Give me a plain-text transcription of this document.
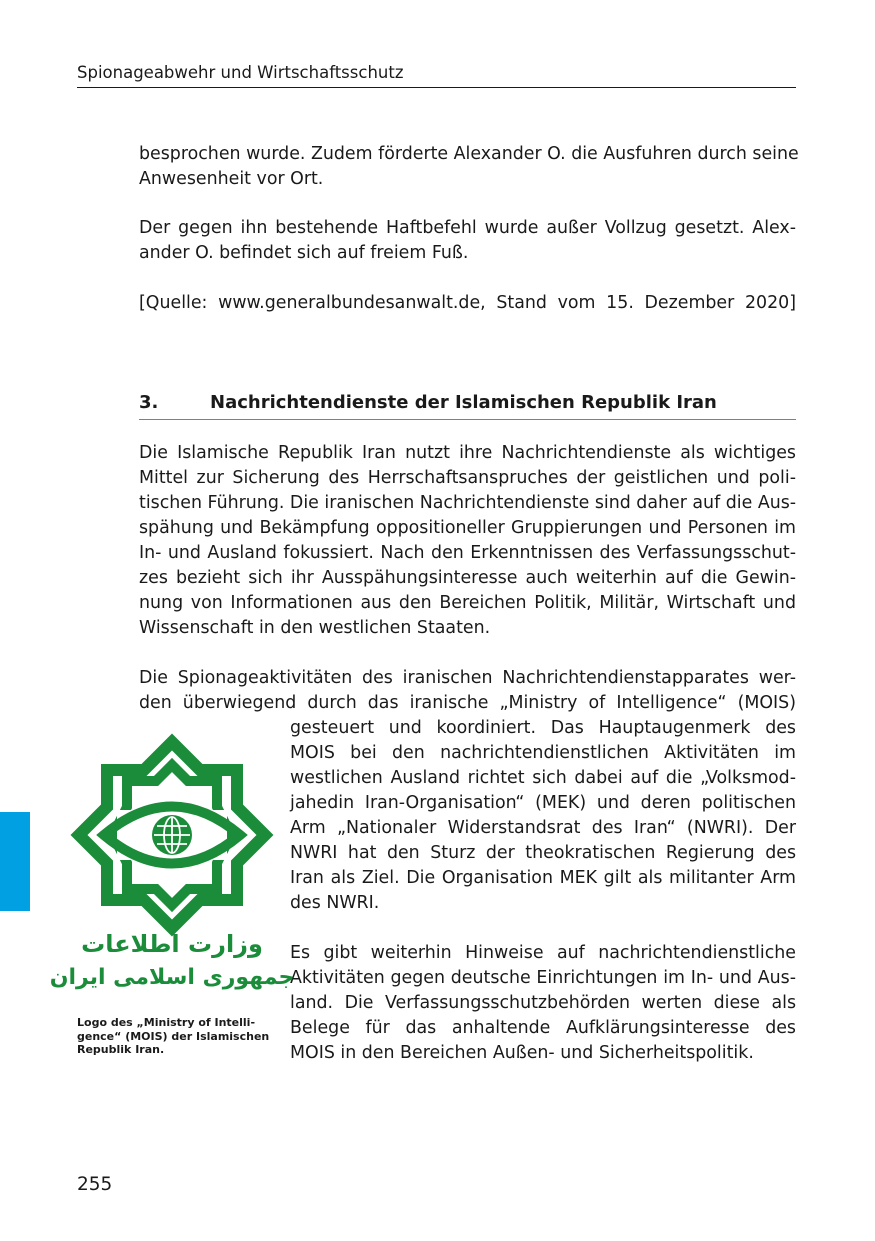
Spionageabwehr und Wirtschaftsschutz

besprochen wurde. Zudem förderte Alexander O. die Ausfuhren durch seine
Anwesenheit vor Ort.

Der gegen ihn bestehende Haftbefehl wurde außer Vollzug gesetzt. Alex-
ander O. befindet sich auf freiem Fuß.

[Quelle: www.generalbundesanwalt.de, Stand vom 15. Dezember 2020]

3.	Nachrichtendienste der Islamischen Republik Iran

Die Islamische Republik Iran nutzt ihre Nachrichtendienste als wichtiges
Mittel zur Sicherung des Herrschaftsanspruches der geistlichen und poli-
tischen Führung. Die iranischen Nachrichtendienste sind daher auf die Aus-
spähung und Bekämpfung oppositioneller Gruppierungen und Personen im
In- und Ausland fokussiert. Nach den Erkenntnissen des Verfassungsschut-
zes bezieht sich ihr Ausspähungsinteresse auch weiterhin auf die Gewin-
nung von Informationen aus den Bereichen Politik, Militär, Wirtschaft und
Wissenschaft in den westlichen Staaten.

Die Spionageaktivitäten des iranischen Nachrichtendienstapparates wer-
den überwiegend durch das iranische „Ministry of Intelligence“ (MOIS)

gesteuert und koordiniert. Das Hauptaugenmerk des
MOIS bei den nachrichtendienstlichen Aktivitäten im
westlichen Ausland richtet sich dabei auf die „Volksmod-
jahedin Iran-Organisation“ (MEK) und deren politischen
Arm „Nationaler Widerstandsrat des Iran“ (NWRI). Der
NWRI hat den Sturz der theokratischen Regierung des
Iran als Ziel. Die Organisation MEK gilt als militanter Arm
des NWRI.

Es gibt weiterhin Hinweise auf nachrichtendienstliche
Aktivitäten gegen deutsche Einrichtungen im In- und Aus-
land. Die Verfassungsschutzbehörden werten diese als
Belege für das anhaltende Aufklärungsinteresse des
MOIS in den Bereichen Außen- und Sicherheitspolitik.

وزارت اطلاعات
جمهوری اسلامی ایران
Logo des „Ministry of Intelli-
gence“ (MOIS) der Islamischen
Republik Iran.
255
